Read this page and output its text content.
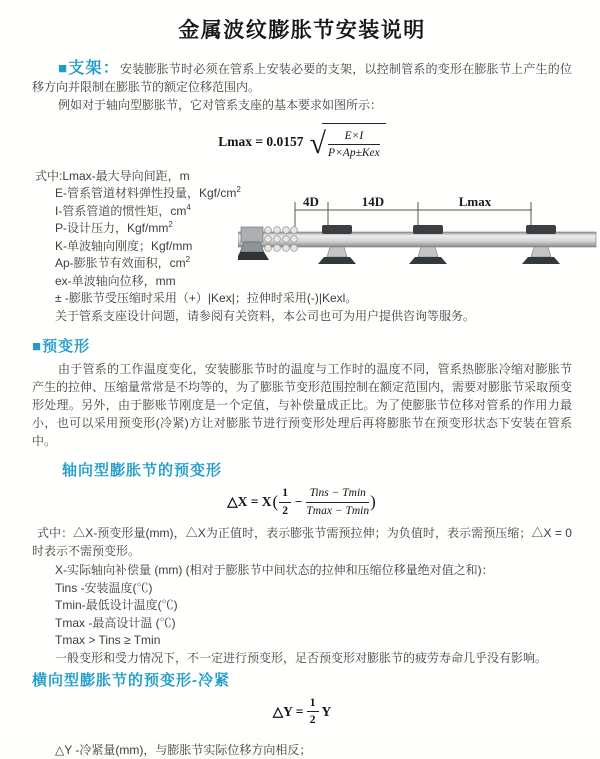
金属波纹膨胀节安装说明

■支架：安装膨胀节时必须在管系上安装必要的支架，以控制管系的变形在膨胀节上产生的位移方向并限制在膨胀节的额定位移范围内。

例如对于轴向型膨胀节，它对管系支座的基本要求如图所示：

Lmax = 0.0157 √ $\frac{E\times I}{\text{P×Ap±Kex}}$
式中:Lmax-最大导向间距，m
E-管系管道材料弹性投量，Kgf/$cm^2$
I-管系管道的惯性矩，$cm^4$
P-设计压力，Kgf/$mm^2$
K-单波轴向刚度；Kgf/mm
Ap-膨胀节有效面积，$cm^2$
ex-单波轴向位移，mm
± -膨胀节受压缩时采用（+）|Kex|；拉伸时采用(-)|Kexl。
关于管系支座设计问题，请参阅有关资料，本公司也可为用户提供咨询等服务。
4D	14D	Lmax
■预变形

由于管系的工作温度变化，安装膨胀节时的温度与工作时的温度不同，管系热膨胀冷缩对膨胀节产生的拉伸、压缩量常常是不均等的，为了膨胀节变形范围控制在额定范围内，需要对膨胀节采取预变形处理。另外，由于膨账节刚度是一个定值，与补偿量成正比。为了使膨胀节位移对管系的作用力最小，也可以采用预变形(冷紧)方让对膨胀节进行预变形处理后再将膨胀节在预变形状态下安装在管系中。

轴向型膨胀节的预变形
△X = X ( $\frac{1}{2} - \frac{\text{Tins − Tmin}}{Tmax - Tmin}$ )

式中：△X-预变形量(mm)，△X为正值时，表示膨张节需预拉伸；为负值时，表示需预压缩；△X = 0时表示不需预变形。

X-实际轴向补偿量 (mm) (相对于膨胀节中间状态的拉伸和压缩位移量绝对值之和)：
Tins -安装温度(℃)
Tmin-最低设计温度(℃)
Tmax -最高设计温 (℃)
Tmax > Tins ≥ Tmin
一般变形和受力情况下，不一定进行预变形，足否预变形对膨胀节的疲劳寿命几乎没有影响。
横向型膨胀节的预变形-冷紧
△Y = $\frac{1}{2}$ Y

△Y -冷紧量(mm)，与膨胀节实际位移方向相反；
